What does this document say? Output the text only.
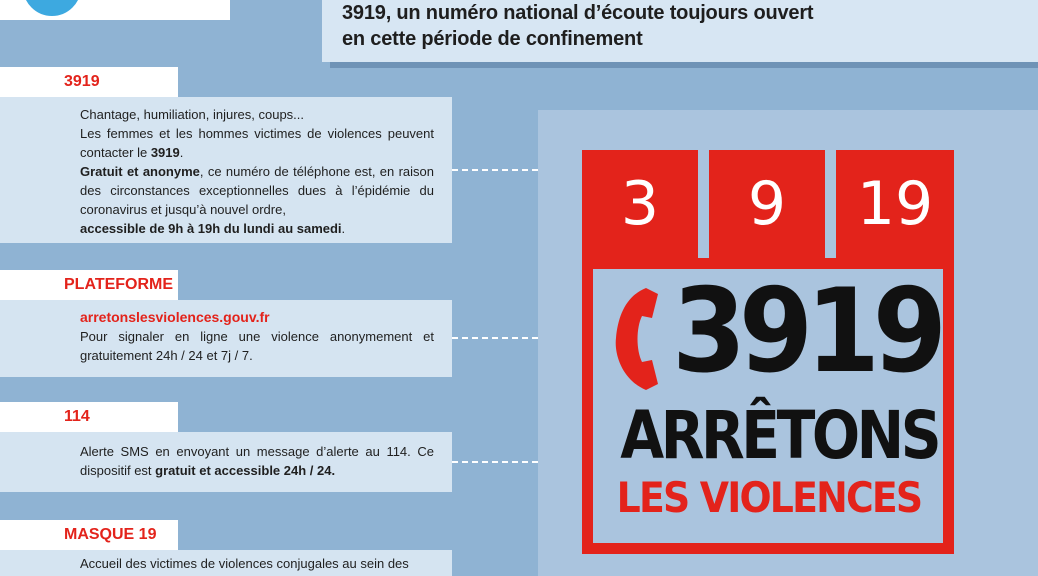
3919, un numéro national d’écoute toujours ouvert
en cette période de confinement
3919

Chantage, humiliation, injures, coups...

Les femmes et les hommes victimes de violences peuvent contacter le 3919.

Gratuit et anonyme, ce numéro de téléphone est, en raison des circonstances exceptionnelles dues à l’épidémie du coronavirus et jusqu’à nouvel ordre,

accessible de 9h à 19h du lundi au samedi.

PLATEFORME

arretonslesviolences.gouv.fr

Pour signaler en ligne une violence anonymement et gratuitement 24h / 24 et 7j / 7.

114

Alerte SMS en envoyant un message d’alerte au 114. Ce dispositif est gratuit et accessible 24h / 24.

MASQUE 19

Accueil des victimes de violences conjugales au sein des

3	9	19
3919
ARRÊTONS
LES VIOLENCES
